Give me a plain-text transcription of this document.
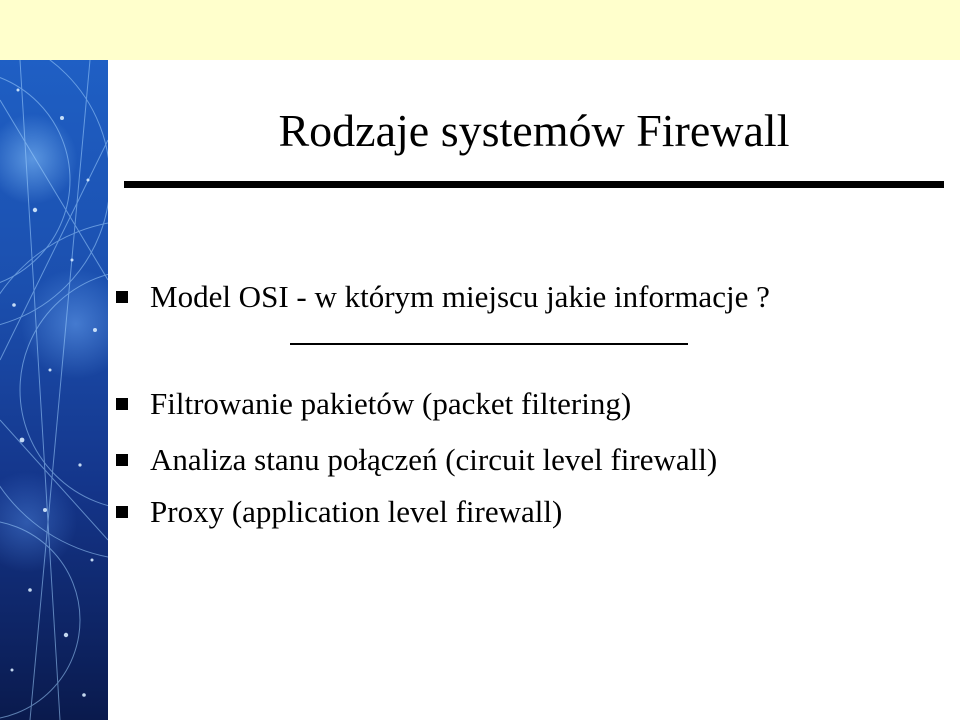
Rodzaje systemów Firewall
Model OSI - w którym miejscu jakie informacje ?
Filtrowanie pakietów (packet filtering)
Analiza stanu połączeń (circuit level firewall)
Proxy (application level firewall)
